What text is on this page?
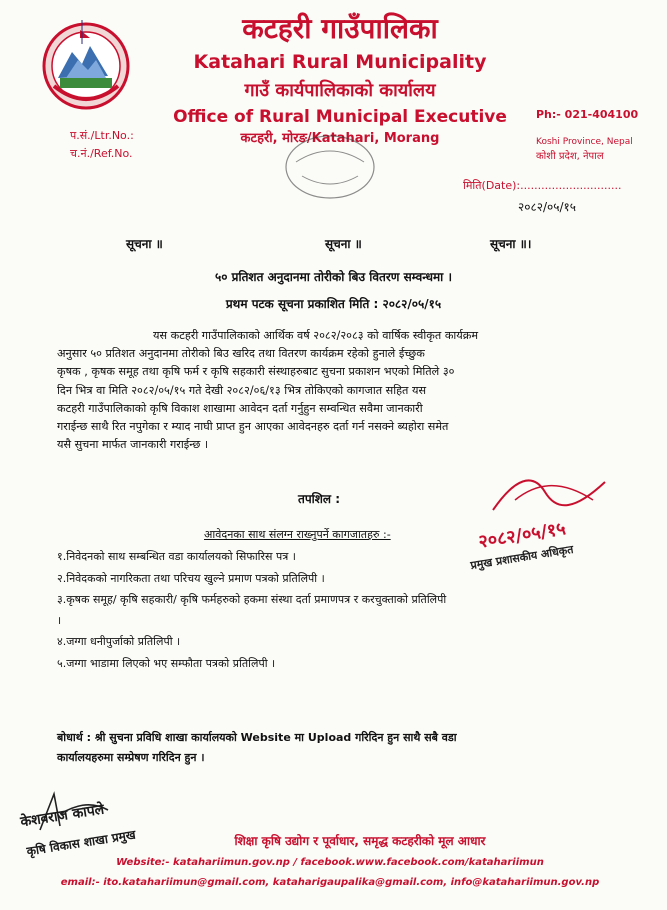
कटहरी गाउँपालिका
Katahari Rural Municipality
गाउँ कार्यपालिकाको कार्यालय
Office of Rural Municipal Executive
कटहरी, मोरङ/Katahari, Morang
Ph:- 021-404100
Koshi Province, Nepal
कोशी प्रदेश, नेपाल
प.सं./Ltr.No.:
च.नं./Ref.No.
मिति(Date):.............................
२०८२/०५/१५
सूचना ॥	सूचना ॥	सूचना ॥।
५० प्रतिशत अनुदानमा तोरीको बिउ वितरण सम्वन्धमा ।
प्रथम पटक सूचना प्रकाशित मिति : २०८२/०५/१५
यस कटहरी गाउँपालिकाको आर्थिक वर्ष २०८२/२०८३ को वार्षिक स्वीकृत कार्यक्रम
अनुसार ५० प्रतिशत अनुदानमा तोरीको बिउ खरिद तथा वितरण कार्यक्रम रहेको हुनाले ईच्छुक
कृषक , कृषक समूह तथा कृषि फर्म र कृषि सहकारी संस्थाहरुबाट सुचना प्रकाशन भएको मितिले ३०
दिन भित्र वा मिति २०८२/०५/१५ गते देखी २०८२/०६/१३ भित्र तोकिएको कागजात सहित यस
कटहरी गाउँपालिकाको कृषि विकाश शाखामा आवेदन दर्ता गर्नुहुन सम्वन्धित सवैमा जानकारी
गराईन्छ साथै रित नपुगेका र म्याद नाघी प्राप्त हुन आएका आवेदनहरु दर्ता गर्न नसक्ने ब्यहोरा समेत
यसै सुचना मार्फत जानकारी गराईन्छ ।
तपशिल :
आवेदनका साथ संलग्न राख्नुपर्ने कागजातहरु :-
१.निवेदनको साथ सम्बन्धित वडा कार्यालयको सिफारिस पत्र ।
२.निवेदकको नागरिकता तथा परिचय खुल्ने प्रमाण पत्रको प्रतिलिपी ।
३.कृषक समूह/ कृषि सहकारी/ कृषि फर्महरुको हकमा संस्था दर्ता प्रमाणपत्र र करचुक्ताको प्रतिलिपी
।
४.जग्गा धनीपुर्जाको प्रतिलिपी ।
५.जग्गा भाडामा लिएको भए सम्फौता पत्रको प्रतिलिपी ।
२०८२/०५/१५
प्रमुख प्रशासकीय अधिकृत
बोधार्थ : श्री सुचना प्रविधि शाखा कार्यालयको Website मा Upload गरिदिन हुन साथै सबै वडा
कार्यालयहरुमा सम्प्रेषण गरिदिन हुन ।
केशवराज कापले
कृषि विकास शाखा प्रमुख	शिक्षा कृषि उद्योग र पूर्वाधार, समृद्ध कटहरीको मूल आधार
Website:- katahariimun.gov.np / facebook.www.facebook.com/katahariimun
email:- ito.katahariimun@gmail.com, kataharigaupalika@gmail.com, info@katahariimun.gov.np
